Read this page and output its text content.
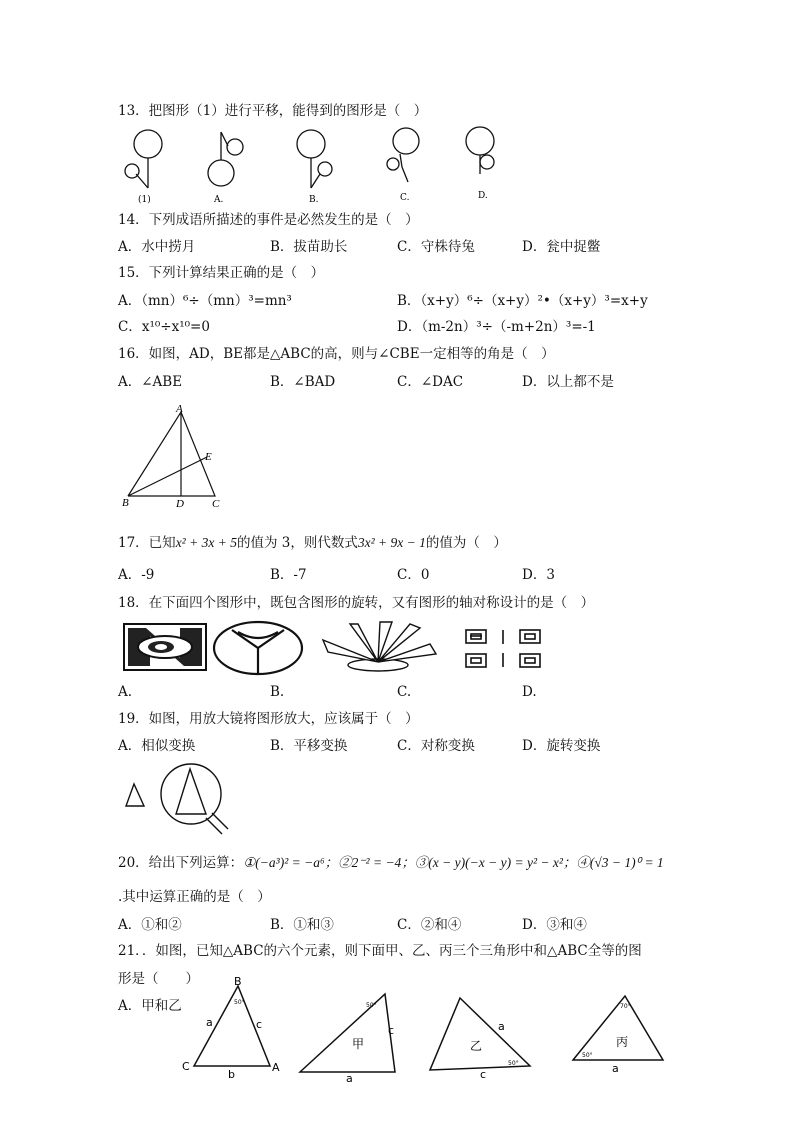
13．把图形（1）进行平移，能得到的图形是（　）
(1)	A.	B.	C.	D.
14．下列成语所描述的事件是必然发生的是（　）
A．水中捞月	B．拔苗助长	C．守株待兔	D．瓮中捉鳖
15．下列计算结果正确的是（　）
A．（mn）⁶÷（mn）³=mn³	B．（x+y）⁶÷（x+y）²•（x+y）³=x+y
C．x¹⁰÷x¹⁰=0	D．（m-2n）³÷（-m+2n）³=-1
16．如图，AD，BE都是△ABC的高，则与∠CBE一定相等的角是（　）
A．∠ABE	B．∠BAD	C．∠DAC	D．以上都不是
A
E
B	D	C
17．已知x² + 3x + 5的值为 3，则代数式3x² + 9x − 1的值为（　）
A．-9	B．-7	C．0	D．3
18．在下面四个图形中，既包含图形的旋转，又有图形的轴对称设计的是（　）
A.	B.	C.	D.
19．如图，用放大镜将图形放大，应该属于（　）
A．相似变换	B．平移变换	C．对称变换	D．旋转变换
20．给出下列运算：①(−a³)² = −a⁶；②2⁻² = −4；③(x − y)(−x − y) = y² − x²；④(√3 − 1)⁰ = 1
.其中运算正确的是（　）
A．①和②	B．①和③	C．②和④	D．③和④
21．．如图，已知△ABC的六个元素，则下面甲、乙、丙三个三角形中和△ABC全等的图
形是（　　）
A．甲和乙
B
C	A
a	c
b
50°
甲
c
a
50°
乙
a
c
50°
丙
a
70°
50°
